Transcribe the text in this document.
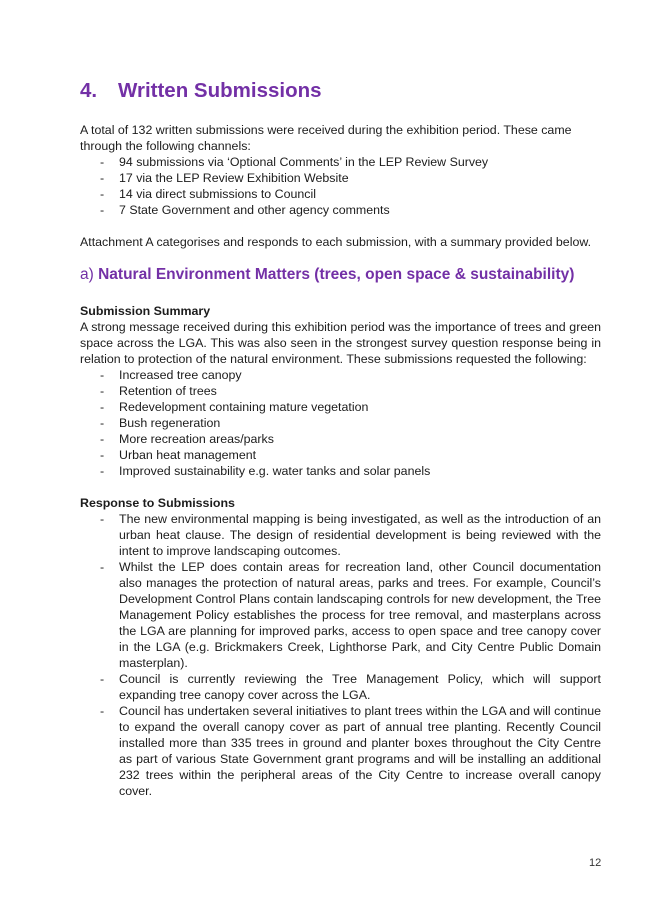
4.	Written Submissions

A total of 132 written submissions were received during the exhibition period. These came through the following channels:

- 94 submissions via ‘Optional Comments’ in the LEP Review Survey
- 17 via the LEP Review Exhibition Website
- 14 via direct submissions to Council
- 7 State Government and other agency comments

Attachment A categorises and responds to each submission, with a summary provided below.

a) Natural Environment Matters (trees, open space & sustainability)
Submission Summary

A strong message received during this exhibition period was the importance of trees and green space across the LGA. This was also seen in the strongest survey question response being in relation to protection of the natural environment. These submissions requested the following:

- Increased tree canopy
- Retention of trees
- Redevelopment containing mature vegetation
- Bush regeneration
- More recreation areas/parks
- Urban heat management
- Improved sustainability e.g. water tanks and solar panels
Response to Submissions
- The new environmental mapping is being investigated, as well as the introduction of an urban heat clause. The design of residential development is being reviewed with the intent to improve landscaping outcomes.
- Whilst the LEP does contain areas for recreation land, other Council documentation also manages the protection of natural areas, parks and trees. For example, Council’s Development Control Plans contain landscaping controls for new development, the Tree Management Policy establishes the process for tree removal, and masterplans across the LGA are planning for improved parks, access to open space and tree canopy cover in the LGA (e.g. Brickmakers Creek, Lighthorse Park, and City Centre Public Domain masterplan).
- Council is currently reviewing the Tree Management Policy, which will support expanding tree canopy cover across the LGA.
- Council has undertaken several initiatives to plant trees within the LGA and will continue to expand the overall canopy cover as part of annual tree planting. Recently Council installed more than 335 trees in ground and planter boxes throughout the City Centre as part of various State Government grant programs and will be installing an additional 232 trees within the peripheral areas of the City Centre to increase overall canopy cover.
12
